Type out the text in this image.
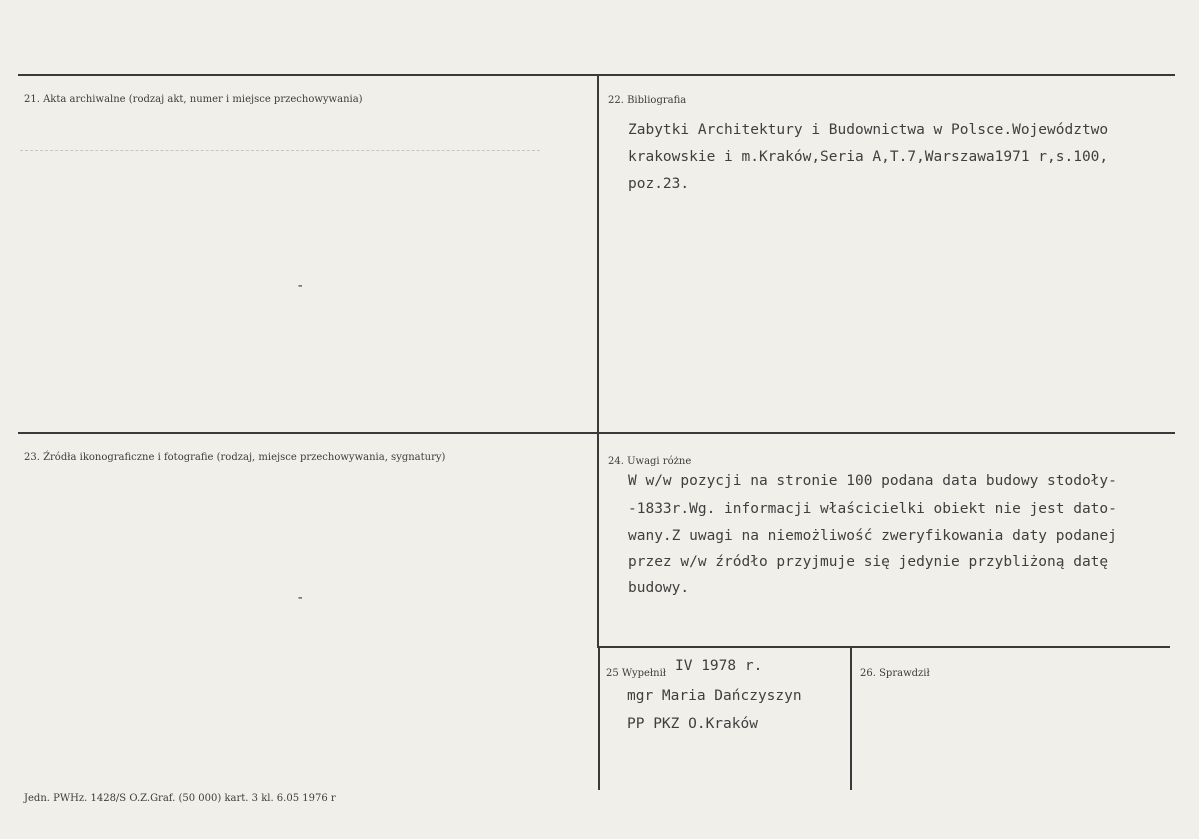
21. Akta archiwalne (rodzaj akt, numer i miejsce przechowywania)
-
22. Bibliografia
Zabytki Architektury i Budownictwa w Polsce.Województwo
krakowskie i m.Kraków,Seria A,T.7,Warszawa1971 r,s.100,
poz.23.
23. Źródła ikonograficzne i fotografie (rodzaj, miejsce przechowywania, sygnatury)
-
24. Uwagi różne
W w/w pozycji na stronie 100 podana data budowy stodoły-
-1833r.Wg. informacji właścicielki obiekt nie jest dato-
wany.Z uwagi na niemożliwość zweryfikowania daty podanej
przez w/w źródło przyjmuje się jedynie przybliżoną datę
budowy.
25 Wypełnił IV 1978 r.
mgr Maria Dańczyszyn
PP PKZ O.Kraków
26. Sprawdził
Jedn. PWHz. 1428/S O.Z.Graf. (50 000) kart. 3 kl. 6.05 1976 r
